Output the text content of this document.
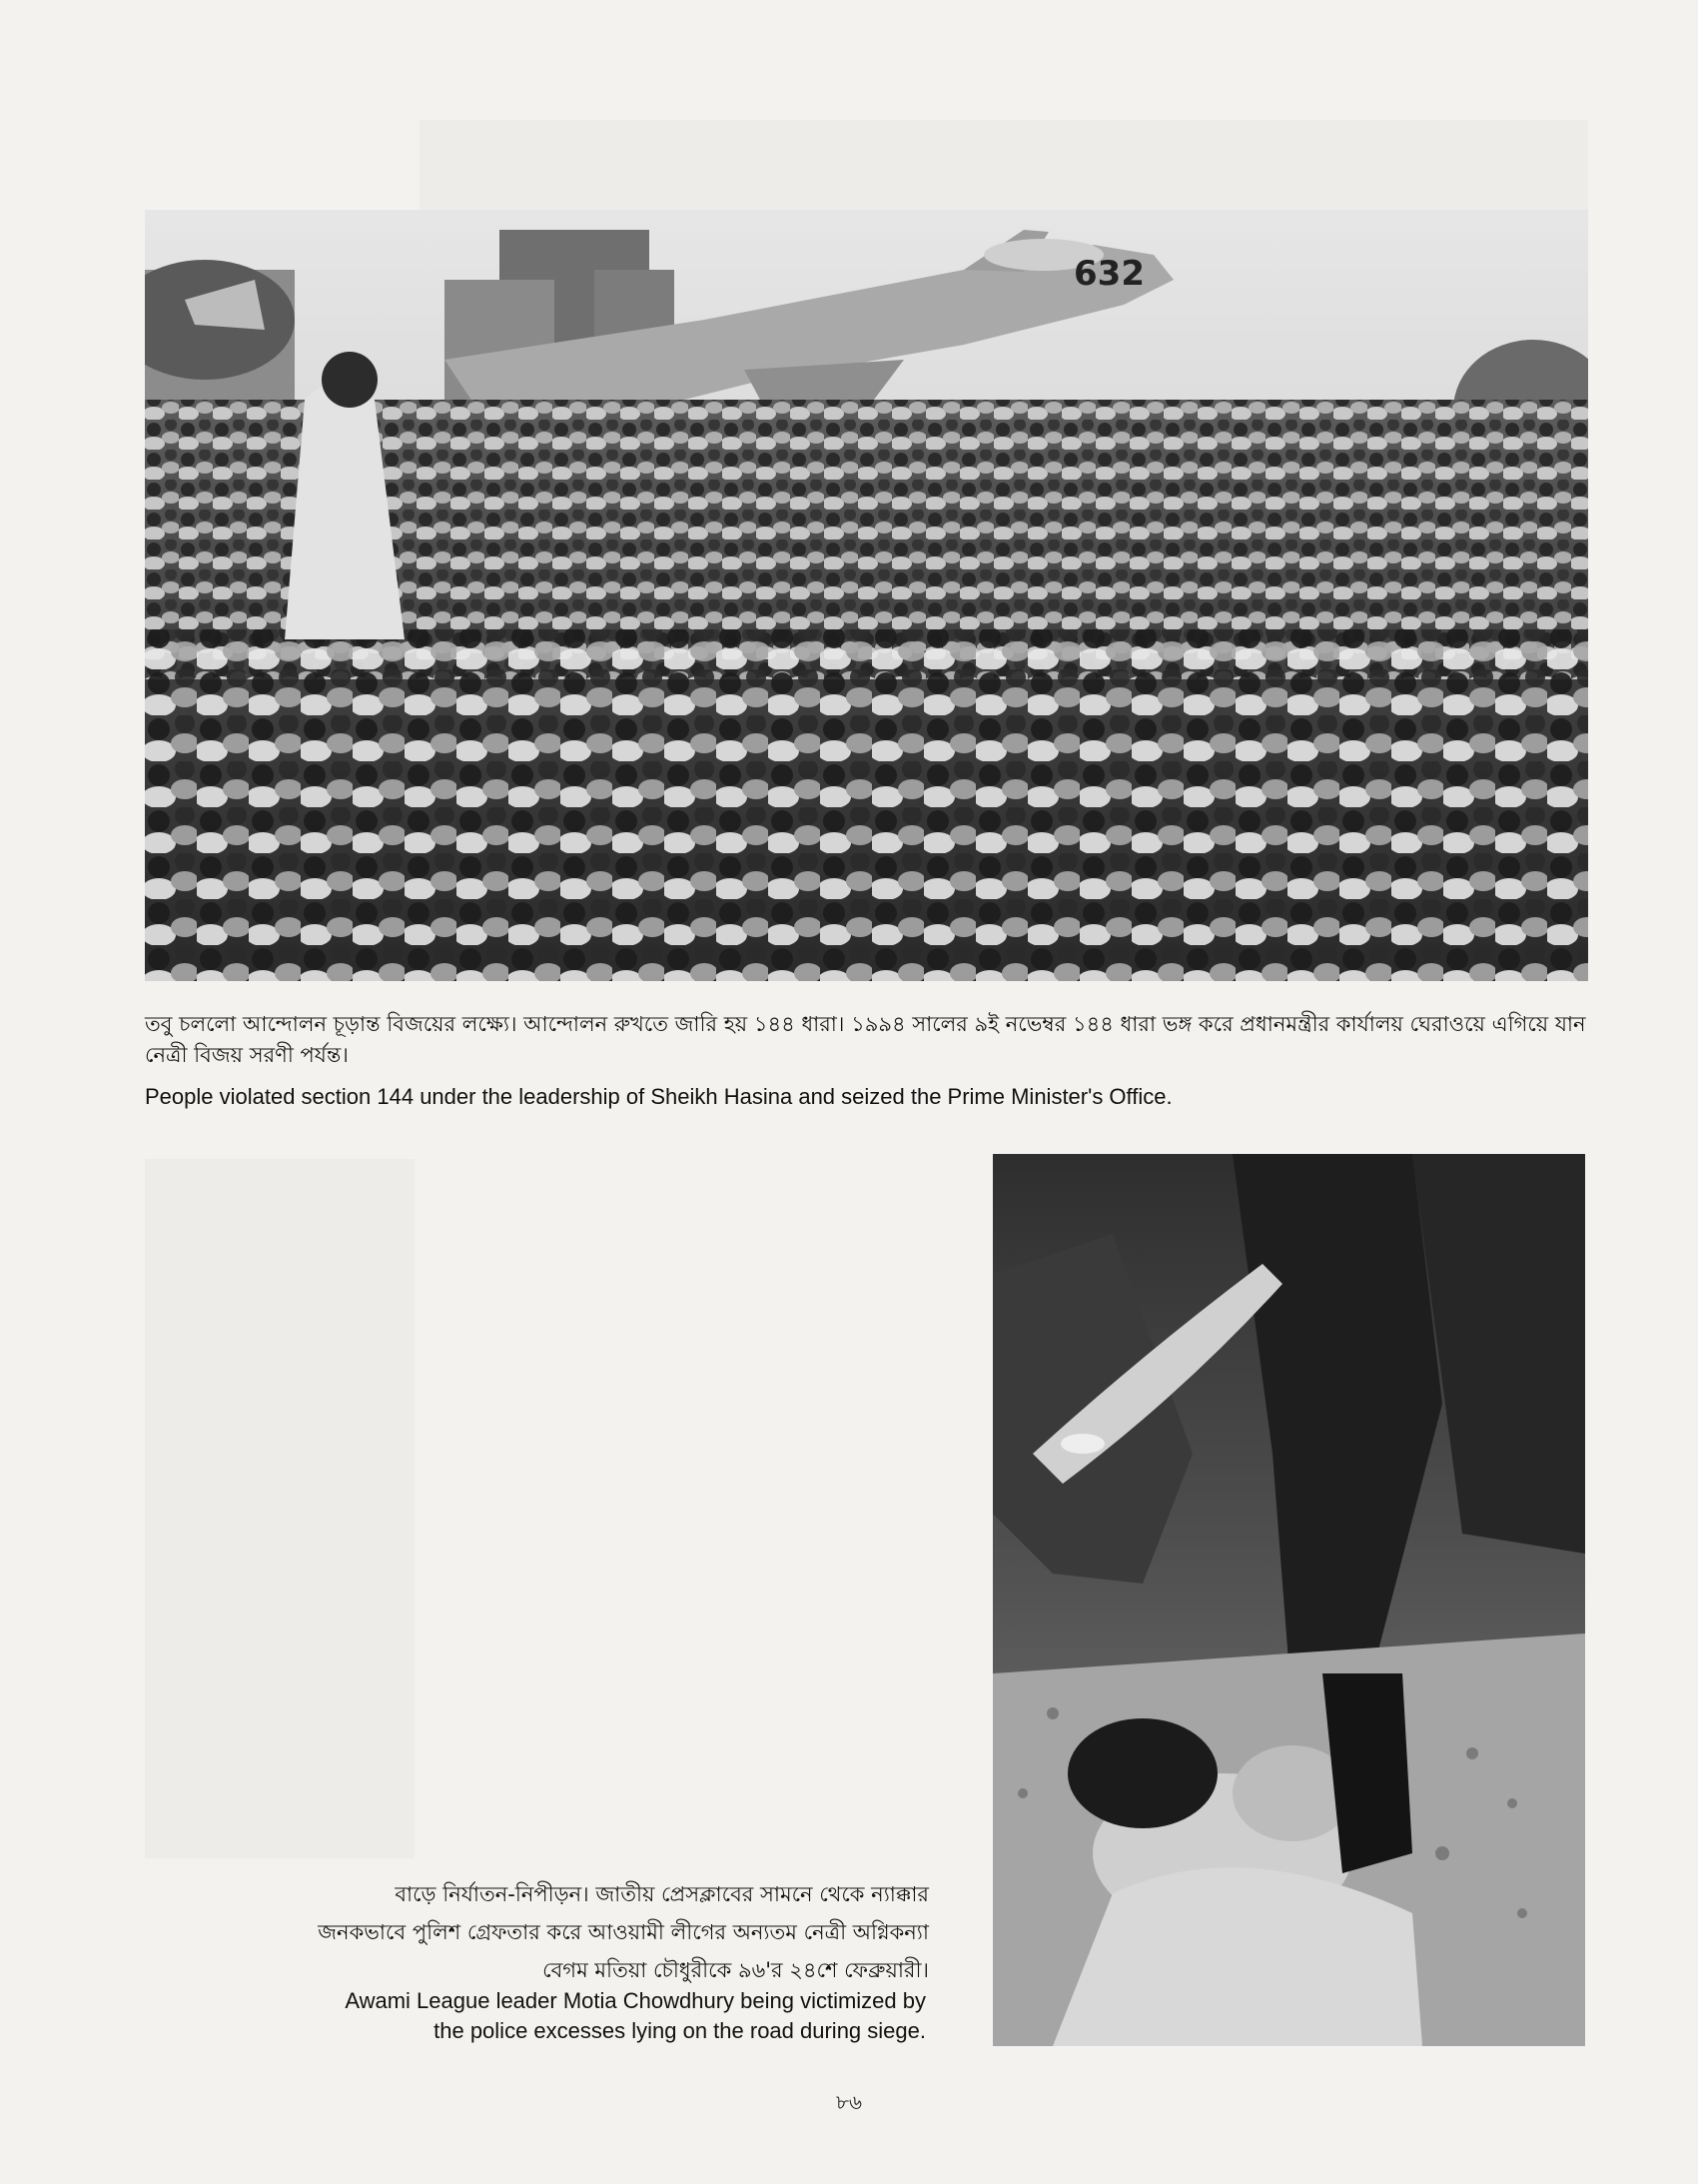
632

তবু চললো আন্দোলন চূড়ান্ত বিজয়ের লক্ষ্যে। আন্দোলন রুখতে জারি হয় ১৪৪ ধারা। ১৯৯৪ সালের ৯ই নভেম্বর ১৪৪ ধারা ভঙ্গ করে প্রধানমন্ত্রীর কার্যালয় ঘেরাওয়ে এগিয়ে যান নেত্রী বিজয় সরণী পর্যন্ত।

People violated section 144 under the leadership of Sheikh Hasina and seized the Prime Minister's Office.

বাড়ে নির্যাতন-নিপীড়ন। জাতীয় প্রেসক্লাবের সামনে থেকে ন্যাক্কার
জনকভাবে পুলিশ গ্রেফতার করে আওয়ামী লীগের অন্যতম নেত্রী অগ্নিকন্যা
বেগম মতিয়া চৌধুরীকে ৯৬'র ২৪শে ফেব্রুয়ারী।
Awami League leader Motia Chowdhury being victimized by
the police excesses lying on the road during siege.
৮৬
